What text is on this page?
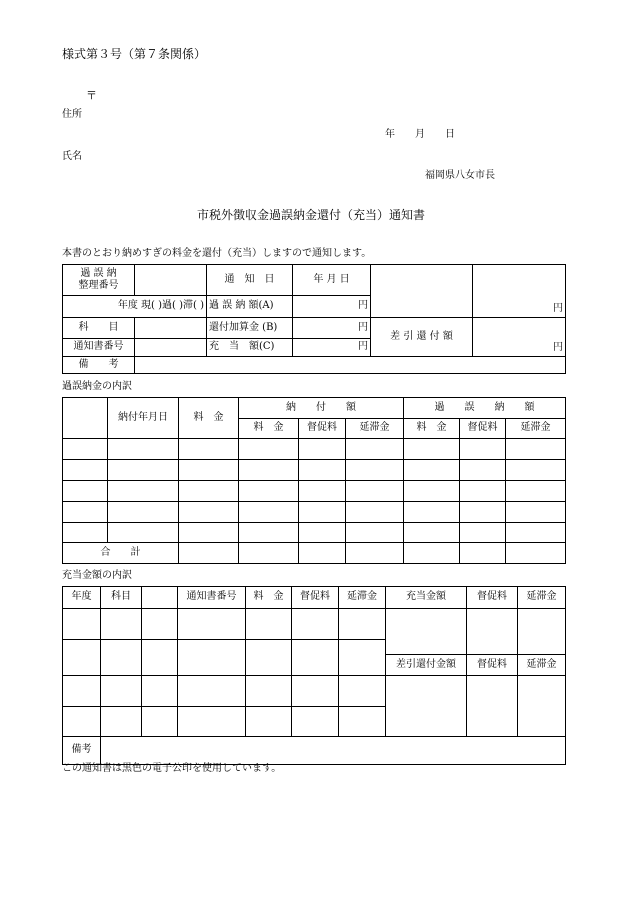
様式第３号（第７条関係）
〒
住所
年　　月　　日
氏名
福岡県八女市長
市税外徴収金過誤納金還付（充当）通知書
本書のとおり納めすぎの料金を還付（充当）しますので通知します。
過 誤 納
整理番号		通　知　日	年 月 日		円
年度 現( )過( )滞( )		過 誤 納 額(A)	円		
科　　目		還付加算金 (B)	円	差 引 還 付 額	円
通知書番号		充　当　額(C)	円		
備　　考					
過誤納金の内訳
	納付年月日	料　金	納　　付　　額			過　　誤　　納　　額		
			料　金	督促料	延滞金	料　金	督促料	延滞金

合　　計								
充当金額の内訳
年度	科目		通知書番号	料　金	督促料	延滞金	充当金額	督促料	延滞金

							差引還付金額	督促料	延滞金

備考									
この通知書は黒色の電子公印を使用しています。
